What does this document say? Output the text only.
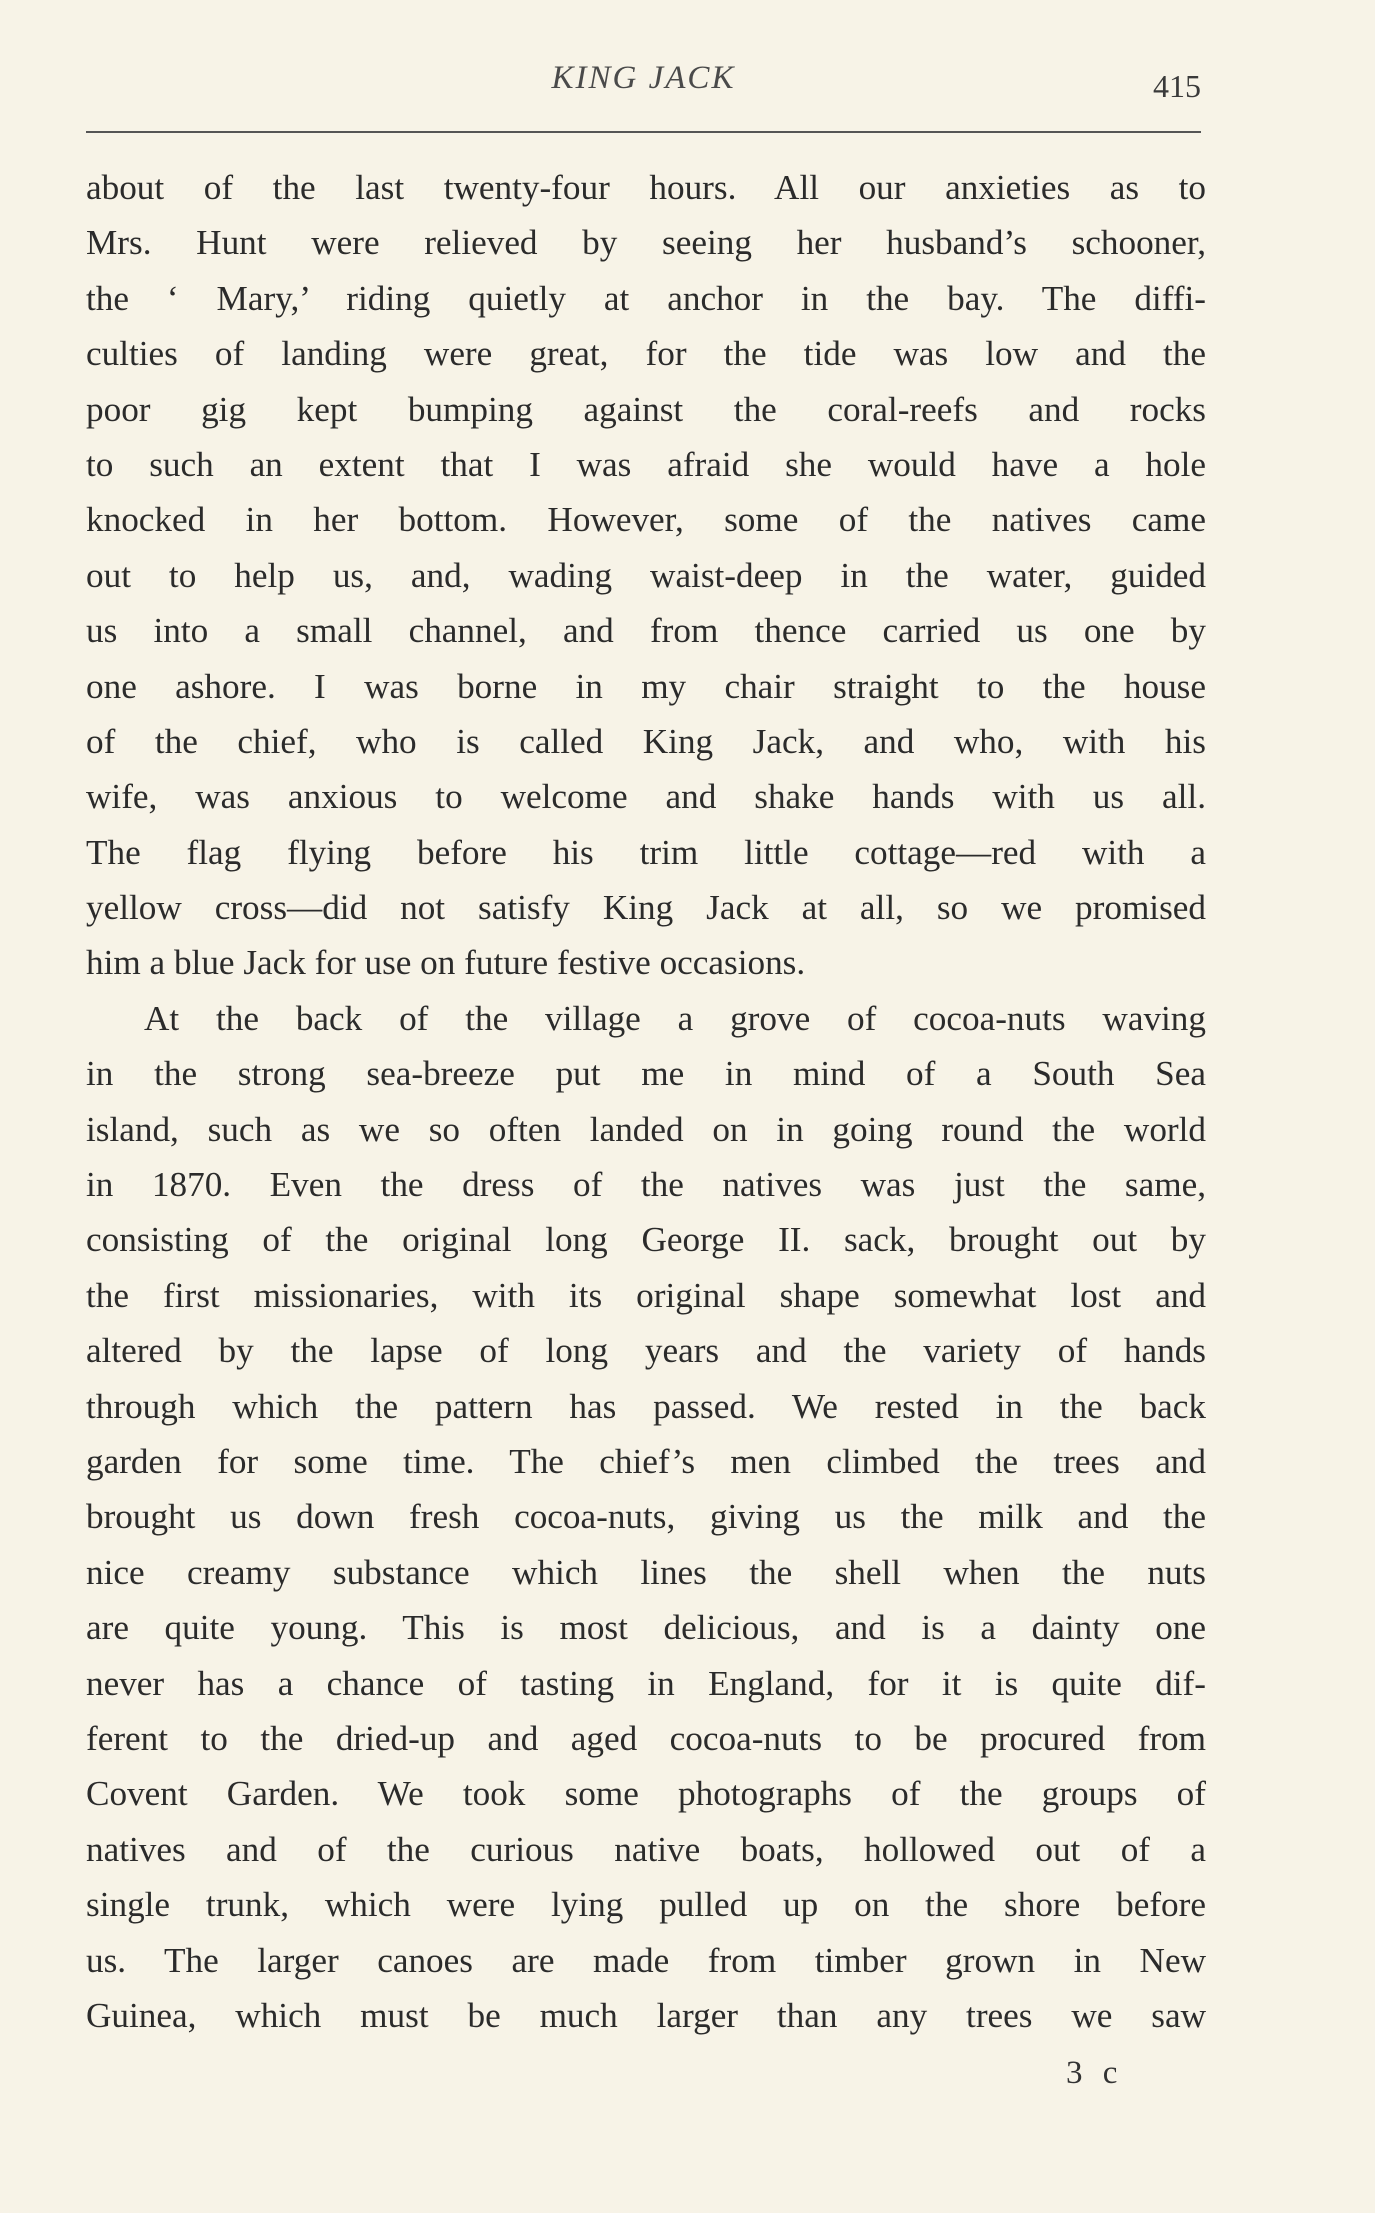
KING JACK	415
about of the last twenty-four hours. All our anxieties as to
Mrs. Hunt were relieved by seeing her husband’s schooner,
the ‘ Mary,’ riding quietly at anchor in the bay. The diffi-
culties of landing were great, for the tide was low and the
poor gig kept bumping against the coral-reefs and rocks
to such an extent that I was afraid she would have a hole
knocked in her bottom. However, some of the natives came
out to help us, and, wading waist-deep in the water, guided
us into a small channel, and from thence carried us one by
one ashore. I was borne in my chair straight to the house
of the chief, who is called King Jack, and who, with his
wife, was anxious to welcome and shake hands with us all.
The flag flying before his trim little cottage—red with a
yellow cross—did not satisfy King Jack at all, so we promised
him a blue Jack for use on future festive occasions.
At the back of the village a grove of cocoa-nuts waving
in the strong sea-breeze put me in mind of a South Sea
island, such as we so often landed on in going round the world
in 1870. Even the dress of the natives was just the same,
consisting of the original long George II. sack, brought out by
the first missionaries, with its original shape somewhat lost and
altered by the lapse of long years and the variety of hands
through which the pattern has passed. We rested in the back
garden for some time. The chief’s men climbed the trees and
brought us down fresh cocoa-nuts, giving us the milk and the
nice creamy substance which lines the shell when the nuts
are quite young. This is most delicious, and is a dainty one
never has a chance of tasting in England, for it is quite dif-
ferent to the dried-up and aged cocoa-nuts to be procured from
Covent Garden. We took some photographs of the groups of
natives and of the curious native boats, hollowed out of a
single trunk, which were lying pulled up on the shore before
us. The larger canoes are made from timber grown in New
Guinea, which must be much larger than any trees we saw
3 c
